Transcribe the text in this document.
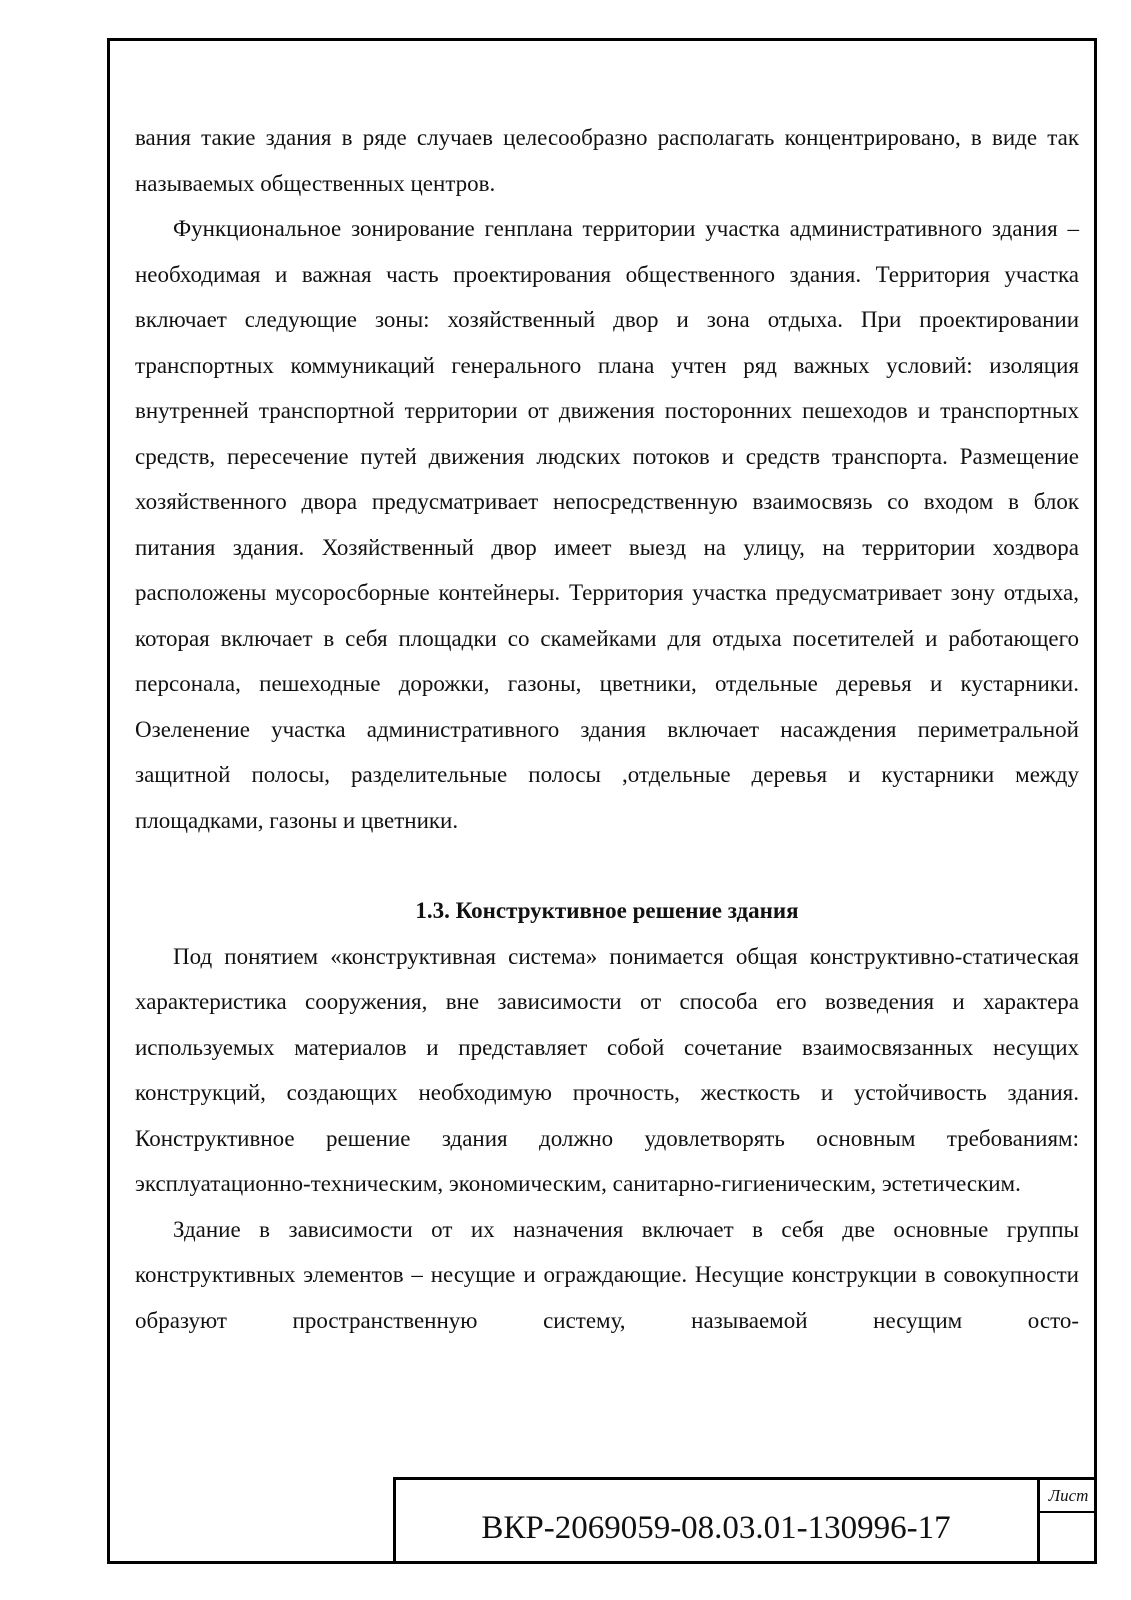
вания такие здания в ряде случаев целесообразно располагать концентрировано, в виде так называемых общественных центров.

Функциональное зонирование генплана территории участка административного здания – необходимая и важная часть проектирования общественного здания. Территория участка включает следующие зоны: хозяйственный двор и зона отдыха. При проектировании транспортных коммуникаций генерального плана учтен ряд важных условий: изоляция внутренней транспортной территории от движения посторонних пешеходов и транспортных средств, пересечение путей движения людских потоков и средств транспорта. Размещение хозяйственного двора предусматривает непосредственную взаимосвязь со входом в блок питания здания. Хозяйственный двор имеет выезд на улицу, на территории хоздвора расположены мусоросборные контейнеры. Территория участка предусматривает зону отдыха, которая включает в себя площадки со скамейками для отдыха посетителей и работающего персонала, пешеходные дорожки, газоны, цветники, отдельные деревья и кустарники. Озеленение участка административного здания включает насаждения периметральной защитной полосы, разделительные полосы ,отдельные деревья и кустарники между площадками, газоны и цветники.

1.3. Конструктивное решение здания

Под понятием «конструктивная система» понимается общая конструктивно-статическая характеристика сооружения, вне зависимости от способа его возведения и характера используемых материалов и представляет собой сочетание взаимосвязанных несущих конструкций, создающих необходимую прочность, жесткость и устойчивость здания. Конструктивное решение здания должно удовлетворять основным требованиям: эксплуатационно-техническим, экономическим, санитарно-гигиеническим, эстетическим.

Здание в зависимости от их назначения включает в себя две основные группы конструктивных элементов – несущие и ограждающие. Несущие конструкции в совокупности образуют пространственную систему, называемой несущим осто-

ВКР-2069059-08.03.01-130996-17
Лист
